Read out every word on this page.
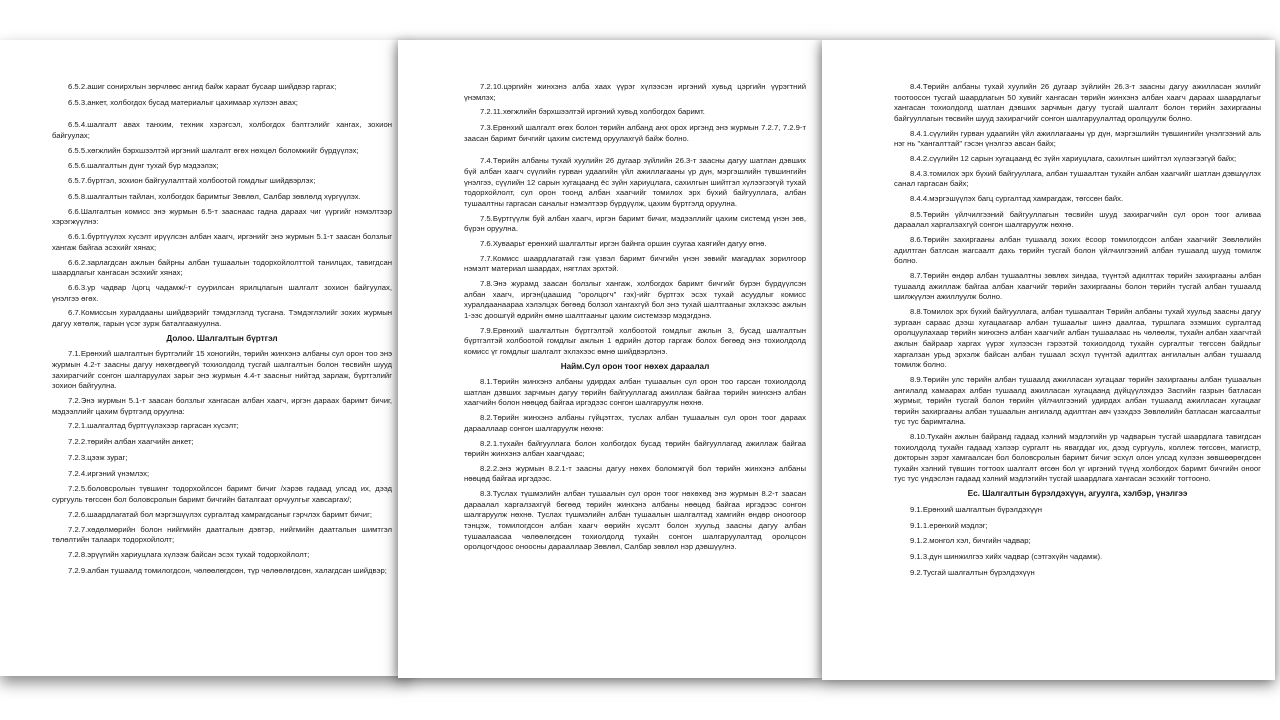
6.5.2.ашиг сонирхлын зөрчлөөс ангид байж хараат бусаар шийдвэр гаргах;
6.5.3.анкет, холбогдох бусад материалыг цахимаар хүлээн авах;
6.5.4.шалгалт авах танхим, техник хэрэгсэл, холбогдох бэлтгэлийг хангах, зохион байгуулах;
6.5.5.хөгжлийн бэрхшээлтэй иргэний шалгалт өгөх нөхцөл боломжийг бүрдүүлэх;
6.5.6.шалгалтын дүнг тухай бүр мэдээлэх;
6.5.7.бүртгэл, зохион байгуулалттай холбоотой гомдлыг шийдвэрлэх;
6.5.8.шалгалтын тайлан, холбогдох баримтыг Зөвлөл, Салбар зөвлөлд хүргүүлэх.
6.6.Шалгалтын комисс энэ журмын 6.5-т зааснаас гадна дараах чиг үүргийг нэмэлтээр хэрэгжүүлнэ:
6.6.1.бүртгүүлэх хүсэлт ирүүлсэн албан хаагч, иргэнийг энэ журмын 5.1-т заасан болзлыг хангаж байгаа эсэхийг хянах;
6.6.2.зарлагдсан ажлын байрны албан тушаалын тодорхойлолттой танилцах, тавигдсан шаардлагыг хангасан эсэхийг хянах;
6.6.3.ур чадвар /цогц чадамж/-т суурилсан ярилцлагын шалгалт зохион байгуулах, үнэлгээ өгөх.
6.7.Комиссын хуралдааны шийдвэрийг тэмдэглэлд тусгана. Тэмдэглэлийг зохих журмын дагуу хөтөлж, гарын үсэг зурж баталгаажуулна.
Долоо. Шалгалтын бүртгэл
7.1.Ерөнхий шалгалтын бүртгэлийг 15 хоногийн, төрийн жинхэнэ албаны сул орон тоо энэ журмын 4.2-т заасны дагуу нөхөгдөөгүй тохиолдолд тусгай шалгалтын болон төсвийн шууд захирагчийг сонгон шалгаруулах зарыг энэ журмын 4.4-т заасныг нийтэд зарлаж, бүртгэлийг зохион байгуулна.
7.2.Энэ журмын 5.1-т заасан болзлыг хангасан албан хаагч, иргэн дараах баримт бичиг, мэдээллийг цахим бүртгэлд оруулна:
7.2.1.шалгалтад бүртгүүлэхээр гаргасан хүсэлт;
7.2.2.төрийн албан хаагчийн анкет;
7.2.3.цээж зураг;
7.2.4.иргэний үнэмлэх;
7.2.5.боловсролын түвшинг тодорхойлсон баримт бичиг /хэрэв гадаад улсад их, дээд сургууль төгссөн бол боловсролын баримт бичгийн баталгаат орчуулгыг хавсаргах/;
7.2.6.шаардлагатай бол мэргэшүүлэх сургалтад хамрагдсаныг гэрчлэх баримт бичиг;
7.2.7.хөдөлмөрийн болон нийгмийн даатгалын дэвтэр, нийгмийн даатгалын шимтгэл төлөлтийн талаарх тодорхойлолт;
7.2.8.эрүүгийн хариуцлага хүлээж байсан эсэх тухай тодорхойлолт;
7.2.9.албан тушаалд томилогдсон, чөлөөлөгдсөн, түр чөлөөлөгдсөн, халагдсан шийдвэр;
7.2.10.цэргийн жинхэнэ алба хаах үүрэг хүлээсэн иргэний хувьд цэргийн үүрэгтний үнэмлэх;
7.2.11.хөгжлийн бэрхшээлтэй иргэний хувьд холбогдох баримт.
7.3.Ерөнхий шалгалт өгөх болон төрийн албанд анх орох иргэнд энэ журмын 7.2.7, 7.2.9-т заасан баримт бичгийг цахим системд оруулахгүй байж болно.
7.4.Төрийн албаны тухай хуулийн 26 дугаар зүйлийн 26.3-т заасны дагуу шатлан дэвших бүй албан хаагч сүүлийн гурван удаагийн үйл ажиллагааны үр дүн, мэргэшлийн түвшингийн үнэлгээ, сүүлийн 12 сарын хугацаанд ёс зүйн хариуцлага, сахилгын шийтгэл хүлээгээгүй тухай тодорхойлолт, сул орон тоонд албан хаагчийг томилох эрх бүхий байгууллага, албан тушаалтны гаргасан саналыг нэмэлтээр бүрдүүлж, цахим бүртгэлд оруулна.
7.5.Бүртгүүлж буй албан хаагч, иргэн баримт бичиг, мэдээллийг цахим системд үнэн зөв, бүрэн оруулна.
7.6.Хуваарьт ерөнхий шалгалтыг иргэн байнга оршин суугаа хаягийн дагуу өгнө.
7.7.Комисс шаардлагатай гэж үзвэл баримт бичгийн үнэн зөвийг магадлах зорилгоор нэмэлт материал шаардах, нягтлах эрхтэй.
7.8.Энэ журамд заасан болзлыг хангаж, холбогдох баримт бичгийг бүрэн бүрдүүлсэн албан хаагч, иргэн(цаашид "оролцогч" гэх)-ийг бүртгэх эсэх тухай асуудлыг комисс хуралдаанаараа хэлэлцэх бөгөөд болзол хангахгүй бол энэ тухай шалтгааныг эхлэхээс ажлын 1-ээс доошгүй өдрийн өмнө шалтгааныг цахим системээр мэдэгдэнэ.
7.9.Ерөнхий шалгалтын бүртгэлтэй холбоотой гомдлыг ажлын 3, бусад шалгалтын бүртгэлтэй холбоотой гомдлыг ажлын 1 өдрийн дотор гаргаж болох бөгөөд энэ тохиолдолд комисс үг гомдлыг шалгалт эхлэхээс өмнө шийдвэрлэнэ.
Найм.Сул орон тоог нөхөх дараалал
8.1.Төрийн жинхэнэ албаны удирдах албан тушаалын сул орон тоо гарсан тохиолдолд шатлан дэвших зарчмын дагуу төрийн байгууллагад ажиллаж байгаа төрийн жинхэнэ албан хаагчийн болон нөөцөд байгаа иргэдээс сонгон шалгаруулж нөхнө.
8.2.Төрийн жинхэнэ албаны гүйцэтгэх, туслах албан тушаалын сул орон тоог дараах дарааллаар сонгон шалгаруулж нөхнө:
8.2.1.тухайн байгууллага болон холбогдох бусад төрийн байгууллагад ажиллаж байгаа төрийн жинхэнэ албан хаагчдаас;
8.2.2.энэ журмын 8.2.1-т заасны дагуу нөхөх боломжгүй бол төрийн жинхэнэ албаны нөөцөд байгаа иргэдээс.
8.3.Туслах түшмэлийн албан тушаалын сул орон тоог нөхөхөд энэ журмын 8.2-т заасан дараалал харгалзахгүй бөгөөд төрийн жинхэнэ албаны нөөцөд байгаа иргэдээс сонгон шалгаруулж нөхнө. Туслах түшмэлийн албан тушаалын шалгалтад хамгийн өндөр оноогоор тэнцэж, томилогдсон албан хаагч өөрийн хүсэлт болон хуульд заасны дагуу албан тушаалаасаа чөлөөлөгдсөн тохиолдолд тухайн сонгон шалгаруулалтад оролцсон оролцогчдоос оноосны дарааллаар Зөвлөл, Салбар зөвлөл нэр дэвшүүлнэ.
8.4.Төрийн албаны тухай хуулийн 26 дугаар зүйлийн 26.3-т заасны дагуу ажилласан жилийг тоотоосон тусгай шаардлагын 50 хувийг хангасан төрийн жинхэнэ албан хаагч дараах шаардлагыг хангасан тохиолдолд шатлан дэвших зарчмын дагуу тусгай шалгалт болон төрийн захиргааны байгууллагын төсвийн шууд захирагчийг сонгон шалгаруулалтад оролцуулж болно.
8.4.1.сүүлийн гурван удаагийн үйл ажиллагааны үр дүн, мэргэшлийн түвшингийн үнэлгээний аль нэг нь "хангалттай" гэсэн үнэлгээ авсан байх;
8.4.2.сүүлийн 12 сарын хугацаанд ёс зүйн хариуцлага, сахилгын шийтгэл хүлээгээгүй байх;
8.4.3.томилох эрх бүхий байгууллага, албан тушаалтан тухайн албан хаагчийг шатлан дэвшүүлэх санал гаргасан байх;
8.4.4.мэргэшүүлэх багц сургалтад хамрагдаж, төгссөн байх.
8.5.Төрийн үйлчилгээний байгууллагын төсвийн шууд захирагчийн сул орон тоог аливаа дараалал харгалзахгүй сонгон шалгаруулж нөхнө.
8.6.Төрийн захиргааны албан тушаалд зохих ёсоор томилогдсон албан хаагчийг Зөвлөлийн адилтган батлсан жагсаалт дахь төрийн тусгай болон үйлчилгээний албан тушаалд шууд томилж болно.
8.7.Төрийн өндөр албан тушаалтны зөвлөх зиндаа, түүнтэй адилтгах төрийн захиргааны албан тушаалд ажиллаж байгаа албан хаагчийг төрийн захиргааны болон төрийн тусгай албан тушаалд шилжүүлэн ажиллуулж болно.
8.8.Томилох эрх бүхий байгууллага, албан тушаалтан Төрийн албаны тухай хуульд заасны дагуу зургаан сараас дээш хугацаагаар албан тушаалыг шинэ даалгаа, туршлага эзэмших сургалтад оролцуулахаар төрийн жинхэнэ албан хаагчийг албан тушаалаас нь чөлөөлж, тухайн албан хаагчтай ажлын байраар харгах үүрэг хүлээсэн гэрээтэй тохиолдолд тухайн сургалтыг төгссөн байдлыг харгалзан урьд эрхэлж байсан албан тушаал эсхүл түүнтэй адилтгах ангилалын албан тушаалд томилж болно.
8.9.Төрийн улс төрийн албан тушаалд ажилласан хугацааг төрийн захиргааны албан тушаалын ангилалд хамаарах албан тушаалд ажилласан хугацаанд дүйцүүлэхдээ Засгийн газрын батласан журмыг, төрийн тусгай болон төрийн үйлчилгээний удирдах албан тушаалд ажилласан хугацааг төрийн захиргааны албан тушаалын ангилалд адилтган авч үзэхдээ Зөвлөлийн батласан жагсаалтыг тус тус баримтална.
8.10.Тухайн ажлын байранд гадаад хэлний мэдлэгийн ур чадварын тусгай шаардлага тавигдсан тохиолдолд тухайн гадаад хэлээр сургалт нь явагддаг их, дээд сургууль, коллеж төгссөн, магистр, докторын зэрэг хамгаалсан бол боловсролын баримт бичиг эсхүл олон улсад хүлээн зөвшөөрөгдсөн тухайн хэлний түвшин тогтоох шалгалт өгсөн бол үг иргэний түүнд холбогдох баримт бичгийн оноог тус тус үндэслэн гадаад хэлний мэдлэгийн тусгай шаардлага хангасан эсэхийг тогтооно.
Ес. Шалгалтын бүрэлдэхүүн, агуулга, хэлбэр, үнэлгээ
9.1.Ерөнхий шалгалтын бүрэлдэхүүн
9.1.1.ерөнхий мэдлэг;
9.1.2.монгол хэл, бичгийн чадвар;
9.1.3.дүн шинжилгээ хийх чадвар (сэтгэхүйн чадамж).
9.2.Тусгай шалгалтын бүрэлдэхүүн
